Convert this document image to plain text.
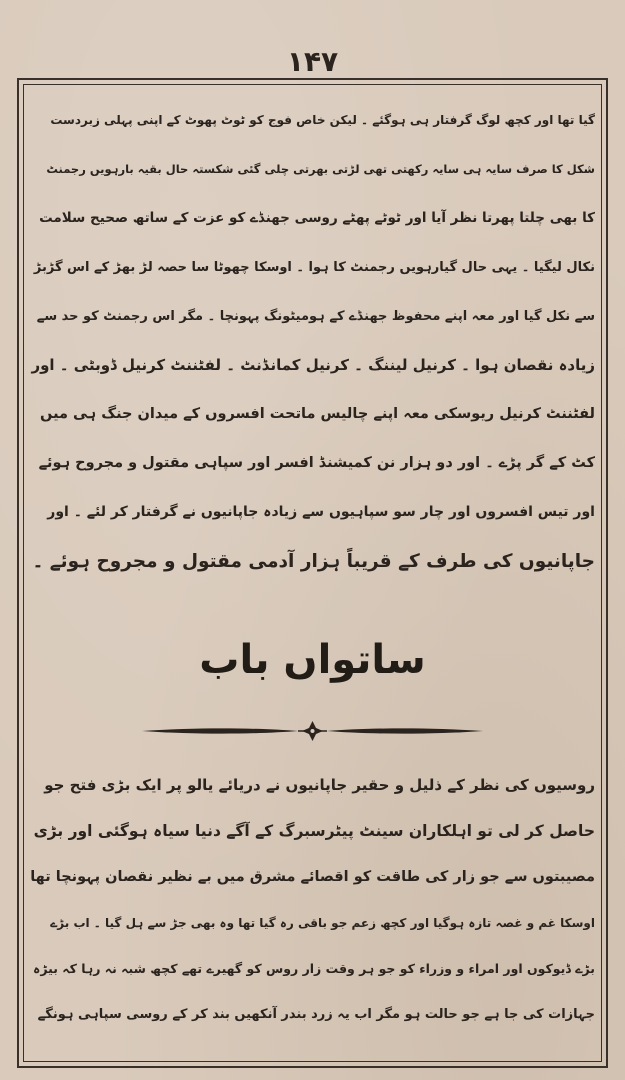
۱۴۷
گیا تھا اور کچھ لوگ گرفتار ہی ہوگئے ۔ لیکن خاص فوج کو ٹوٹ پھوٹ کے اپنی پہلی زبردست
شکل کا صرف سایہ ہی سایہ رکھتی تھی لڑتی بھرتی چلی گئی شکستہ حال بقیہ بارہویں رجمنٹ
کا بھی چلتا پھرتا نظر آیا اور ٹوٹے پھٹے روسی جھنڈے کو عزت کے ساتھ صحیح سلامت
نکال لیگیا ۔ یہی حال گیارہویں رجمنٹ کا ہوا ۔ اوسکا چھوٹا سا حصہ لڑ بھڑ کے اس گڑبڑ
سے نکل گیا اور معہ اپنے محفوظ جھنڈے کے ہومیٹونگ پہونچا ۔ مگر اس رجمنٹ کو حد سے
زیادہ نقصان ہوا ۔ کرنیل لیننگ ۔ کرنیل کمانڈنٹ ۔ لفٹننٹ کرنیل ڈوبٹی ۔ اور
لفٹننٹ کرنیل ریوسکی معہ اپنے چالیس ماتحت افسروں کے میدان جنگ ہی میں
کٹ کے گر پڑے ۔ اور دو ہزار نن کمیشنڈ افسر اور سپاہی مقتول و مجروح ہوئے
اور تیس افسروں اور چار سو سپاہیوں سے زیادہ جاپانیوں نے گرفتار کر لئے ۔ اور
جاپانیوں کی طرف کے قریباً ہزار آدمی مقتول و مجروح ہوئے ۔
ساتواں باب
روسیوں کی نظر کے ذلیل و حقیر جاپانیوں نے دریائے یالو پر ایک بڑی فتح جو
حاصل کر لی تو اہلکاران سینٹ پیٹرسبرگ کے آگے دنیا سیاہ ہوگئی اور بڑی
مصیبتوں سے جو زار کی طاقت کو اقصائے مشرق میں بے نظیر نقصان پہونچا تھا
اوسکا غم و غصہ تازہ ہوگیا اور کچھ زعم جو باقی رہ گیا تھا وہ بھی جڑ سے ہل گیا ۔ اب بڑے
بڑے ڈیوکوں اور امراء و وزراء کو جو ہر وقت زار روس کو گھیرے تھے کچھ شبہ نہ رہا کہ بیڑہ
جہازات کی جا ہے جو حالت ہو مگر اب یہ زرد بندر آنکھیں بند کر کے روسی سپاہی ہونگے
